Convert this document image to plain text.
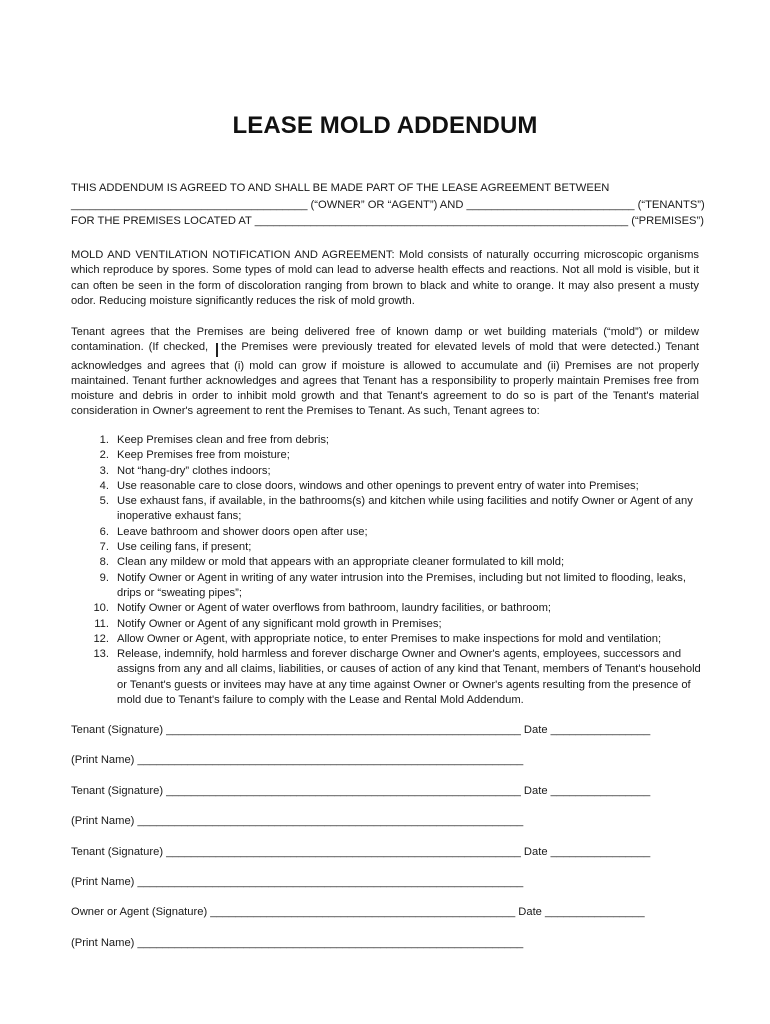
LEASE MOLD ADDENDUM
THIS ADDENDUM IS AGREED TO AND SHALL BE MADE PART OF THE LEASE AGREEMENT BETWEEN
______________________________________ (“OWNER” OR “AGENT”) AND ___________________________ (“TENANTS”)
FOR THE PREMISES LOCATED AT ____________________________________________________________ (“PREMISES”)
MOLD AND VENTILATION NOTIFICATION AND AGREEMENT: Mold consists of naturally occurring microscopic organisms which reproduce by spores. Some types of mold can lead to adverse health effects and reactions. Not all mold is visible, but it can often be seen in the form of discoloration ranging from brown to black and white to orange. It may also present a musty odor. Reducing moisture significantly reduces the risk of mold growth.
Tenant agrees that the Premises are being delivered free of known damp or wet building materials (“mold”) or mildew contamination. (If checked, the Premises were previously treated for elevated levels of mold that were detected.) Tenant acknowledges and agrees that (i) mold can grow if moisture is allowed to accumulate and (ii) Premises are not properly maintained. Tenant further acknowledges and agrees that Tenant has a responsibility to properly maintain Premises free from moisture and debris in order to inhibit mold growth and that Tenant's agreement to do so is part of the Tenant's material consideration in Owner's agreement to rent the Premises to Tenant. As such, Tenant agrees to:
1. Keep Premises clean and free from debris;
2. Keep Premises free from moisture;
3. Not “hang-dry” clothes indoors;
4. Use reasonable care to close doors, windows and other openings to prevent entry of water into Premises;
5. Use exhaust fans, if available, in the bathrooms(s) and kitchen while using facilities and notify Owner or Agent of any inoperative exhaust fans;
6. Leave bathroom and shower doors open after use;
7. Use ceiling fans, if present;
8. Clean any mildew or mold that appears with an appropriate cleaner formulated to kill mold;
9. Notify Owner or Agent in writing of any water intrusion into the Premises, including but not limited to flooding, leaks, drips or “sweating pipes”;
10. Notify Owner or Agent of water overflows from bathroom, laundry facilities, or bathroom;
11. Notify Owner or Agent of any significant mold growth in Premises;
12. Allow Owner or Agent, with appropriate notice, to enter Premises to make inspections for mold and ventilation;
13. Release, indemnify, hold harmless and forever discharge Owner and Owner's agents, employees, successors and assigns from any and all claims, liabilities, or causes of action of any kind that Tenant, members of Tenant's household or Tenant's guests or invitees may have at any time against Owner or Owner's agents resulting from the presence of mold due to Tenant's failure to comply with the Lease and Rental Mold Addendum.
Tenant (Signature) _________________________________________________________ Date ________________
(Print Name) ______________________________________________________________
Tenant (Signature) _________________________________________________________ Date ________________
(Print Name) ______________________________________________________________
Tenant (Signature) _________________________________________________________ Date ________________
(Print Name) ______________________________________________________________
Owner or Agent (Signature) _________________________________________________ Date ________________
(Print Name) ______________________________________________________________
